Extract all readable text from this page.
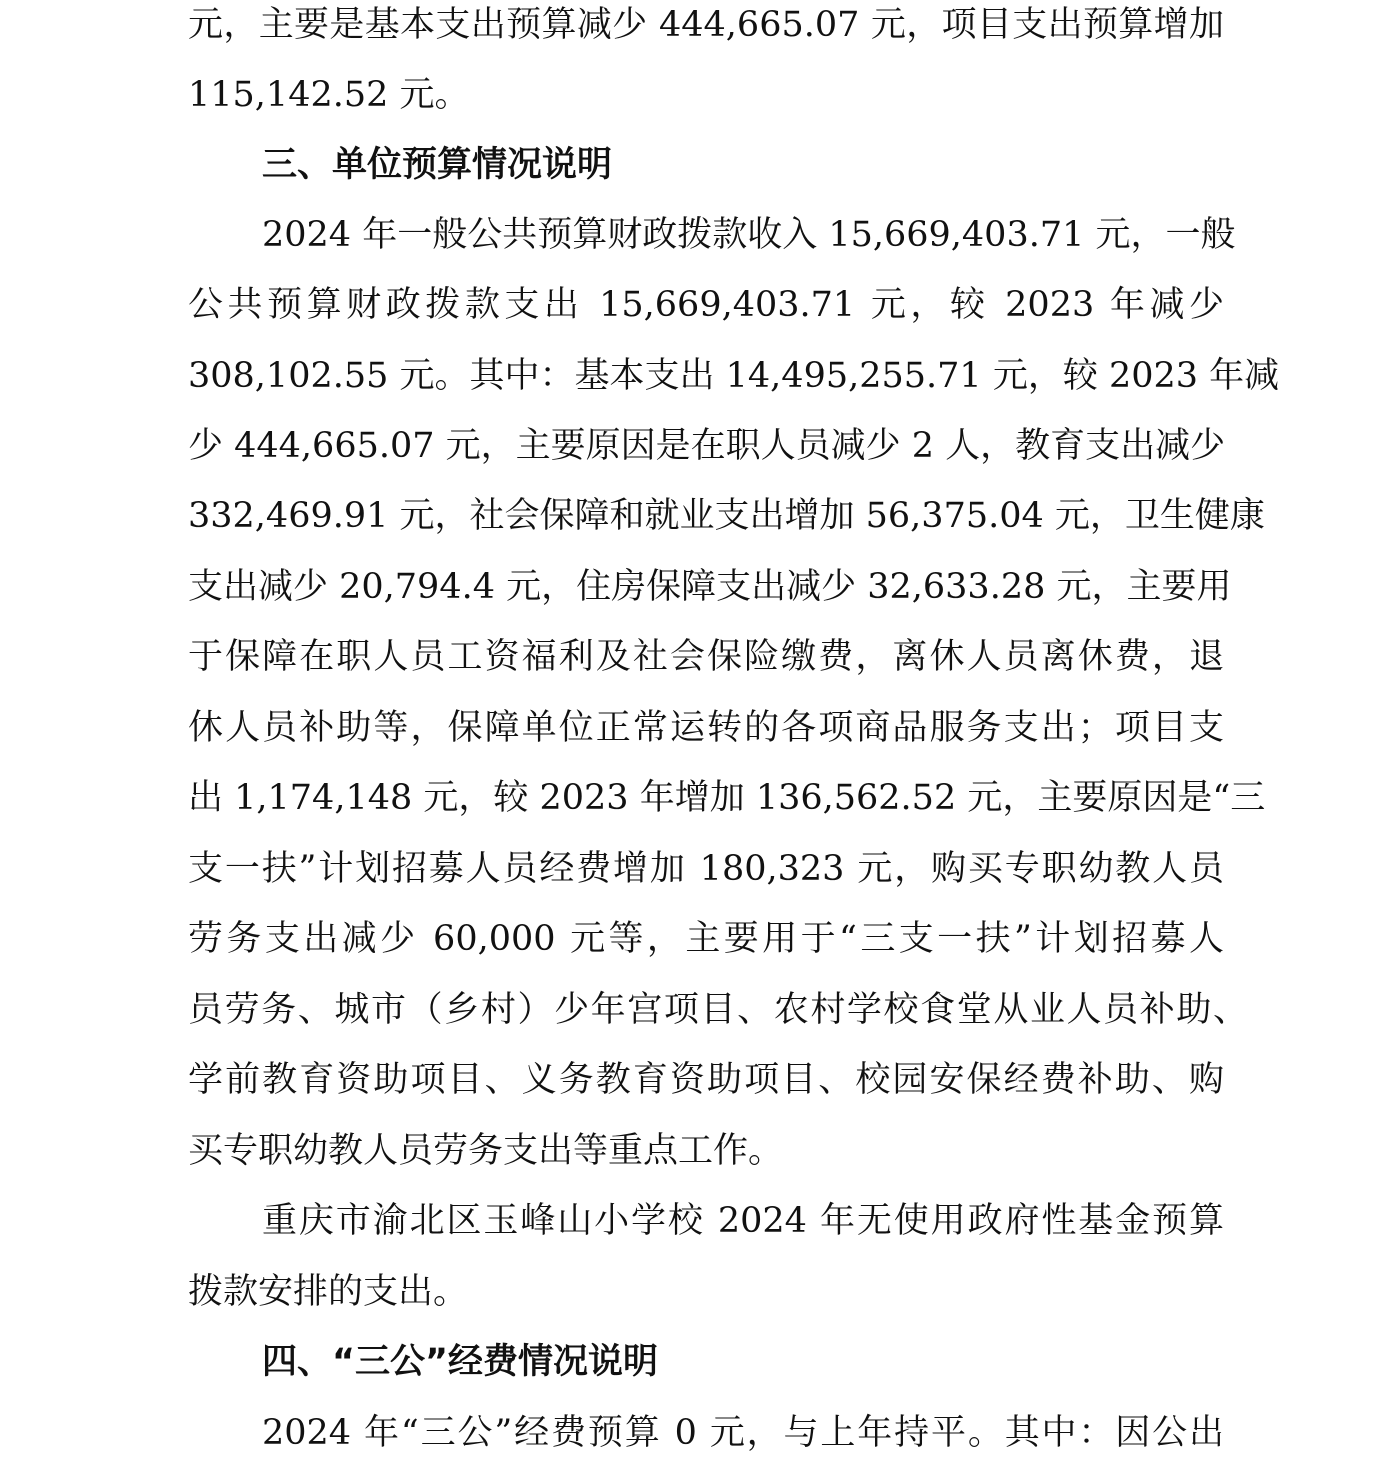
元，主要是基本支出预算减少 444,665.07 元，项目支出预算增加
115,142.52 元。
三、单位预算情况说明
2024 年一般公共预算财政拨款收入 15,669,403.71 元，一般
公共预算财政拨款支出 15,669,403.71 元，较 2023 年减少
308,102.55 元。其中：基本支出 14,495,255.71 元，较 2023 年减
少 444,665.07 元，主要原因是在职人员减少 2 人，教育支出减少
332,469.91 元，社会保障和就业支出增加 56,375.04 元，卫生健康
支出减少 20,794.4 元，住房保障支出减少 32,633.28 元，主要用
于保障在职人员工资福利及社会保险缴费，离休人员离休费，退
休人员补助等，保障单位正常运转的各项商品服务支出；项目支
出 1,174,148 元，较 2023 年增加 136,562.52 元，主要原因是“三
支一扶”计划招募人员经费增加 180,323 元，购买专职幼教人员
劳务支出减少 60,000 元等，主要用于“三支一扶”计划招募人
员劳务、城市（乡村）少年宫项目、农村学校食堂从业人员补助、
学前教育资助项目、义务教育资助项目、校园安保经费补助、购
买专职幼教人员劳务支出等重点工作。
重庆市渝北区玉峰山小学校 2024 年无使用政府性基金预算
拨款安排的支出。
四、“三公”经费情况说明
2024 年“三公”经费预算 0 元，与上年持平。其中：因公出
